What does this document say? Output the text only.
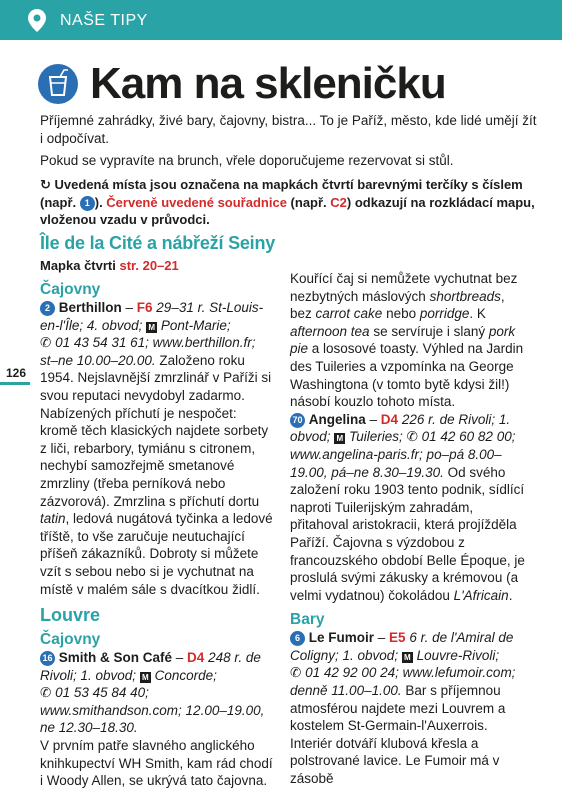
NAŠE TIPY
Kam na skleničku

Příjemné zahrádky, živé bary, čajovny, bistra... To je Paříž, město, kde lidé umějí žít i odpočívat.

Pokud se vypravíte na brunch, vřele doporučujeme rezervovat si stůl.

↻ Uvedená místa jsou označena na mapkách čtvrtí barevnými terčíky s číslem (např. 1 ). Červeně uvedené souřadnice (např. C2) odkazují na rozkládací mapu, vloženou vzadu v průvodci.

Île de la Cité a nábřeží Seiny
Mapka čtvrti str. 20–21
126
Čajovny
2 Berthillon – F6 29–31 r. St-Louis-en-l'Île; 4. obvod; M Pont-Marie;
✆ 01 43 54 31 61; www.berthillon.fr; st–ne 10.00–20.00. Založeno roku 1954. Nejslavnější zmrzlinář v Paříži si svou reputaci nevydobyl zadarmo. Nabízených příchutí je nespočet: kromě těch klasických najdete sorbety z liči, rebarbory, tymiánu s citronem, nechybí samozřejmě smetanové zmrzliny (třeba perníková nebo zázvorová). Zmrzlina s příchutí dortu tatin, ledová nugátová tyčinka a ledové tříště, to vše zaručuje neutuchající příšeň zákazníků. Dobroty si můžete vzít s sebou nebo si je vychutnat na místě v malém sále s dvacítkou židlí.
Louvre
Čajovny
16 Smith & Son Café – D4 248 r. de Rivoli; 1. obvod; M Concorde;
✆ 01 53 45 84 40; www.smithandson.com; 12.00–19.00, ne 12.30–18.30.
V prvním patře slavného anglického knihkupectví WH Smith, kam rád chodí i Woody Allen, se ukrývá tato čajovna.
Kouřící čaj si nemůžete vychutnat bez nezbytných máslových shortbreads, bez carrot cake nebo porridge. K afternoon tea se servíruje i slaný pork pie a lososové toasty. Výhled na Jardin des Tuileries a vzpomínka na George Washingtona (v tomto bytě kdysi žil!) násobí kouzlo tohoto místa.
70 Angelina – D4 226 r. de Rivoli; 1. obvod; M Tuileries; ✆ 01 42 60 82 00; www.angelina-paris.fr; po–pá 8.00–19.00, pá–ne 8.30–19.30. Od svého založení roku 1903 tento podnik, sídlící naproti Tuilerijským zahradám, přitahoval aristokracii, která projížděla Paříží. Čajovna s výzdobou z francouzského období Belle Époque, je proslulá svými zákusky a krémovou (a velmi vydatnou) čokoládou L'Africain.
Bary
6 Le Fumoir – E5 6 r. de l'Amiral de Coligny; 1. obvod; M Louvre-Rivoli;
✆ 01 42 92 00 24; www.lefumoir.com; denně 11.00–1.00. Bar s příjemnou atmosférou najdete mezi Louvrem a kostelem St-Germain-l'Auxerrois. Interiér dotváří klubová křesla a polstrované lavice. Le Fumoir má v zásobě
